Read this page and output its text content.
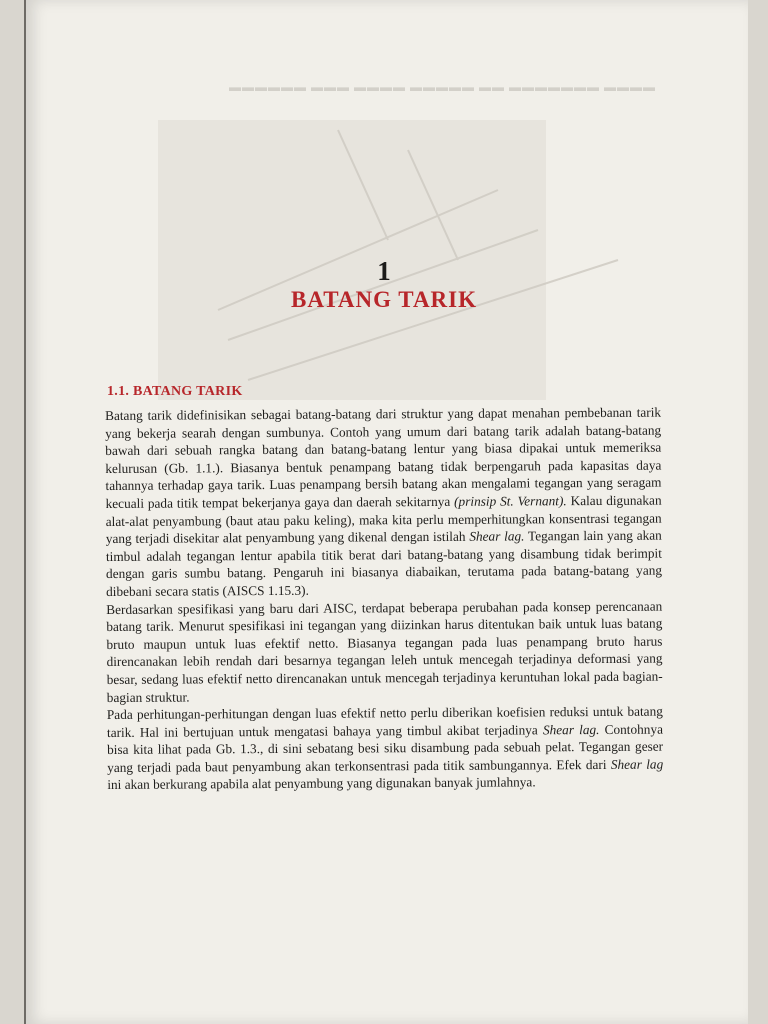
▬▬▬▬ ▬▬▬▬▬▬▬ ▬▬ ▬▬▬▬▬ ▬▬▬▬ ▬▬▬ ▬▬▬▬▬▬
1
BATANG TARIK
1.1. BATANG TARIK

Batang tarik didefinisikan sebagai batang-batang dari struktur yang dapat menahan pembebanan tarik yang bekerja searah dengan sumbunya. Contoh yang umum dari batang tarik adalah batang-batang bawah dari sebuah rangka batang dan batang-batang lentur yang biasa dipakai untuk memeriksa kelurusan (Gb. 1.1.). Biasanya bentuk penampang batang tidak berpengaruh pada kapasitas daya tahannya terhadap gaya tarik. Luas penampang bersih batang akan mengalami tegangan yang seragam kecuali pada titik tempat bekerjanya gaya dan daerah sekitarnya (prinsip St. Vernant). Kalau digunakan alat-alat penyambung (baut atau paku keling), maka kita perlu memperhitungkan konsentrasi tegangan yang terjadi disekitar alat penyambung yang dikenal dengan istilah Shear lag. Tegangan lain yang akan timbul adalah tegangan lentur apabila titik berat dari batang-batang yang disambung tidak berimpit dengan garis sumbu batang. Pengaruh ini biasanya diabaikan, terutama pada batang-batang yang dibebani secara statis (AISCS 1.15.3).

Berdasarkan spesifikasi yang baru dari AISC, terdapat beberapa perubahan pada konsep perencanaan batang tarik. Menurut spesifikasi ini tegangan yang diizinkan harus ditentukan baik untuk luas batang bruto maupun untuk luas efektif netto. Biasanya tegangan pada luas penampang bruto harus direncanakan lebih rendah dari besarnya tegangan leleh untuk mencegah terjadinya deformasi yang besar, sedang luas efektif netto direncanakan untuk mencegah terjadinya keruntuhan lokal pada bagian-bagian struktur.

Pada perhitungan-perhitungan dengan luas efektif netto perlu diberikan koefisien reduksi untuk batang tarik. Hal ini bertujuan untuk mengatasi bahaya yang timbul akibat terjadinya Shear lag. Contohnya bisa kita lihat pada Gb. 1.3., di sini sebatang besi siku disambung pada sebuah pelat. Tegangan geser yang terjadi pada baut penyambung akan terkonsentrasi pada titik sambungannya. Efek dari Shear lag ini akan berkurang apabila alat penyambung yang digunakan banyak jumlahnya.
